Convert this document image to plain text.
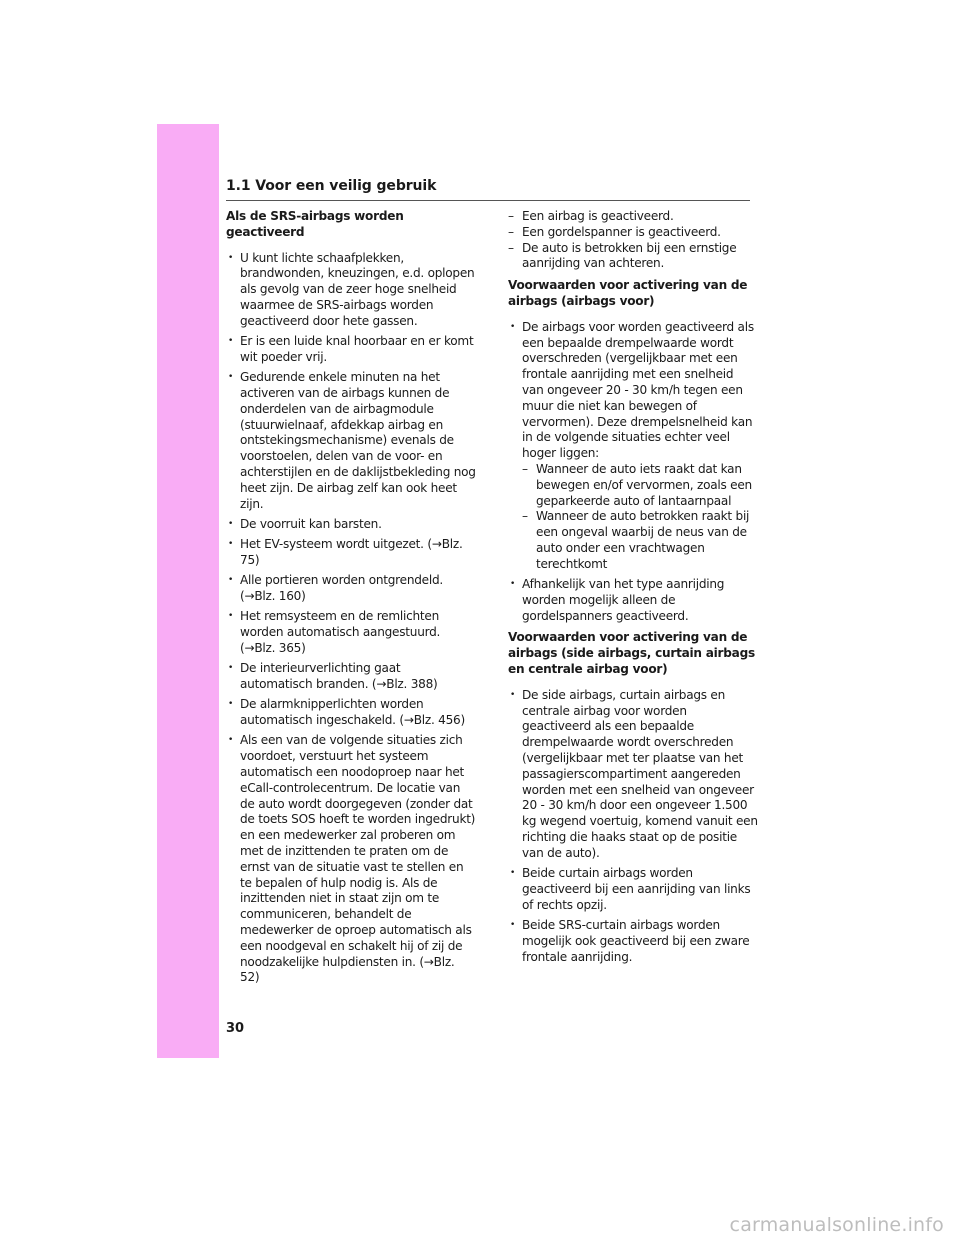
1.1 Voor een veilig gebruik
Als de SRS-airbags worden geactiveerd
• U kunt lichte schaafplekken, brandwonden, kneuzingen, e.d. oplopen als gevolg van de zeer hoge snelheid waarmee de SRS-airbags worden geactiveerd door hete gassen.
• Er is een luide knal hoorbaar en er komt wit poeder vrij.
• Gedurende enkele minuten na het activeren van de airbags kunnen de onderdelen van de airbagmodule (stuurwielnaaf, afdekkap airbag en ontstekingsmechanisme) evenals de voorstoelen, delen van de voor- en achterstijlen en de daklijstbekleding nog heet zijn. De airbag zelf kan ook heet zijn.
• De voorruit kan barsten.
• Het EV-systeem wordt uitgezet. (→Blz. 75)
• Alle portieren worden ontgrendeld. (→Blz. 160)
• Het remsysteem en de remlichten worden automatisch aangestuurd. (→Blz. 365)
• De interieurverlichting gaat automatisch branden. (→Blz. 388)
• De alarmknipperlichten worden automatisch ingeschakeld. (→Blz. 456)
• Als een van de volgende situaties zich voordoet, verstuurt het systeem automatisch een noodoproep naar het eCall-controlecentrum. De locatie van de auto wordt doorgegeven (zonder dat de toets SOS hoeft te worden ingedrukt) en een medewerker zal proberen om met de inzittenden te praten om de ernst van de situatie vast te stellen en te bepalen of hulp nodig is. Als de inzittenden niet in staat zijn om te communiceren, behandelt de medewerker de oproep automatisch als een noodgeval en schakelt hij of zij de noodzakelijke hulpdiensten in. (→Blz. 52)
– Een airbag is geactiveerd.
– Een gordelspanner is geactiveerd.
– De auto is betrokken bij een ernstige aanrijding van achteren.
Voorwaarden voor activering van de airbags (airbags voor)
• De airbags voor worden geactiveerd als een bepaalde drempelwaarde wordt overschreden (vergelijkbaar met een frontale aanrijding met een snelheid van ongeveer 20 - 30 km/h tegen een muur die niet kan bewegen of vervormen). Deze drempelsnelheid kan in de volgende situaties echter veel hoger liggen:
– Wanneer de auto iets raakt dat kan bewegen en/of vervormen, zoals een geparkeerde auto of lantaarnpaal
– Wanneer de auto betrokken raakt bij een ongeval waarbij de neus van de auto onder een vrachtwagen terechtkomt
• Afhankelijk van het type aanrijding worden mogelijk alleen de gordelspanners geactiveerd.
Voorwaarden voor activering van de airbags (side airbags, curtain airbags en centrale airbag voor)
• De side airbags, curtain airbags en centrale airbag voor worden geactiveerd als een bepaalde drempelwaarde wordt overschreden (vergelijkbaar met ter plaatse van het passagierscompartiment aangereden worden met een snelheid van ongeveer 20 - 30 km/h door een ongeveer 1.500 kg wegend voertuig, komend vanuit een richting die haaks staat op de positie van de auto).
• Beide curtain airbags worden geactiveerd bij een aanrijding van links of rechts opzij.
• Beide SRS-curtain airbags worden mogelijk ook geactiveerd bij een zware frontale aanrijding.
30
carmanualsonline.info
